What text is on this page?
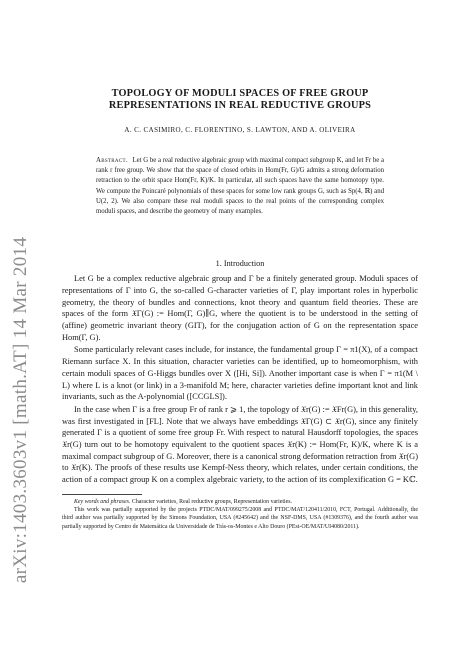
arXiv:1403.3603v1 [math.AT] 14 Mar 2014
TOPOLOGY OF MODULI SPACES OF FREE GROUP
REPRESENTATIONS IN REAL REDUCTIVE GROUPS
A. C. CASIMIRO, C. FLORENTINO, S. LAWTON, AND A. OLIVEIRA
Abstract. Let G be a real reductive algebraic group with maximal compact subgroup K, and let Fr be a rank r free group. We show that the space of closed orbits in Hom(Fr, G)/G admits a strong deformation retraction to the orbit space Hom(Fr, K)/K. In particular, all such spaces have the same homotopy type. We compute the Poincaré polynomials of these spaces for some low rank groups G, such as Sp(4, ℝ) and U(2, 2). We also compare these real moduli spaces to the real points of the corresponding complex moduli spaces, and describe the geometry of many examples.
1. Introduction

Let G be a complex reductive algebraic group and Γ be a finitely generated group. Moduli spaces of representations of Γ into G, the so-called G-character varieties of Γ, play important roles in hyperbolic geometry, the theory of bundles and connections, knot theory and quantum field theories. These are spaces of the form 𝔛Γ(G) := Hom(Γ, G)∥G, where the quotient is to be understood in the setting of (affine) geometric invariant theory (GIT), for the conjugation action of G on the representation space Hom(Γ, G).

Some particularly relevant cases include, for instance, the fundamental group Γ = π1(X), of a compact Riemann surface X. In this situation, character varieties can be identified, up to homeomorphism, with certain moduli spaces of G-Higgs bundles over X ([Hi, Si]). Another important case is when Γ = π1(M \ L) where L is a knot (or link) in a 3-manifold M; here, character varieties define important knot and link invariants, such as the A-polynomial ([CCGLS]).

In the case when Γ is a free group Fr of rank r ⩾ 1, the topology of 𝔛r(G) := 𝔛Fr(G), in this generality, was first investigated in [FL]. Note that we always have embeddings 𝔛Γ(G) ⊂ 𝔛r(G), since any finitely generated Γ is a quotient of some free group Fr. With respect to natural Hausdorff topologies, the spaces 𝔛r(G) turn out to be homotopy equivalent to the quotient spaces 𝔛r(K) := Hom(Fr, K)/K, where K is a maximal compact subgroup of G. Moreover, there is a canonical strong deformation retraction from 𝔛r(G) to 𝔛r(K). The proofs of these results use Kempf-Ness theory, which relates, under certain conditions, the action of a compact group K on a complex algebraic variety, to the action of its complexification G = Kℂ.

Key words and phrases. Character varieties, Real reductive groups, Representation varieties.

This work was partially supported by the projects PTDC/MAT/099275/2008 and PTDC/MAT/120411/2010, FCT, Portugal. Additionally, the third author was partially supported by the Simons Foundation, USA (#245642) and the NSF-DMS, USA (#1309376), and the fourth author was partially supported by Centro de Matemática da Universidade de Trás-os-Montes e Alto Douro (PEst-OE/MAT/UI4080/2011).
